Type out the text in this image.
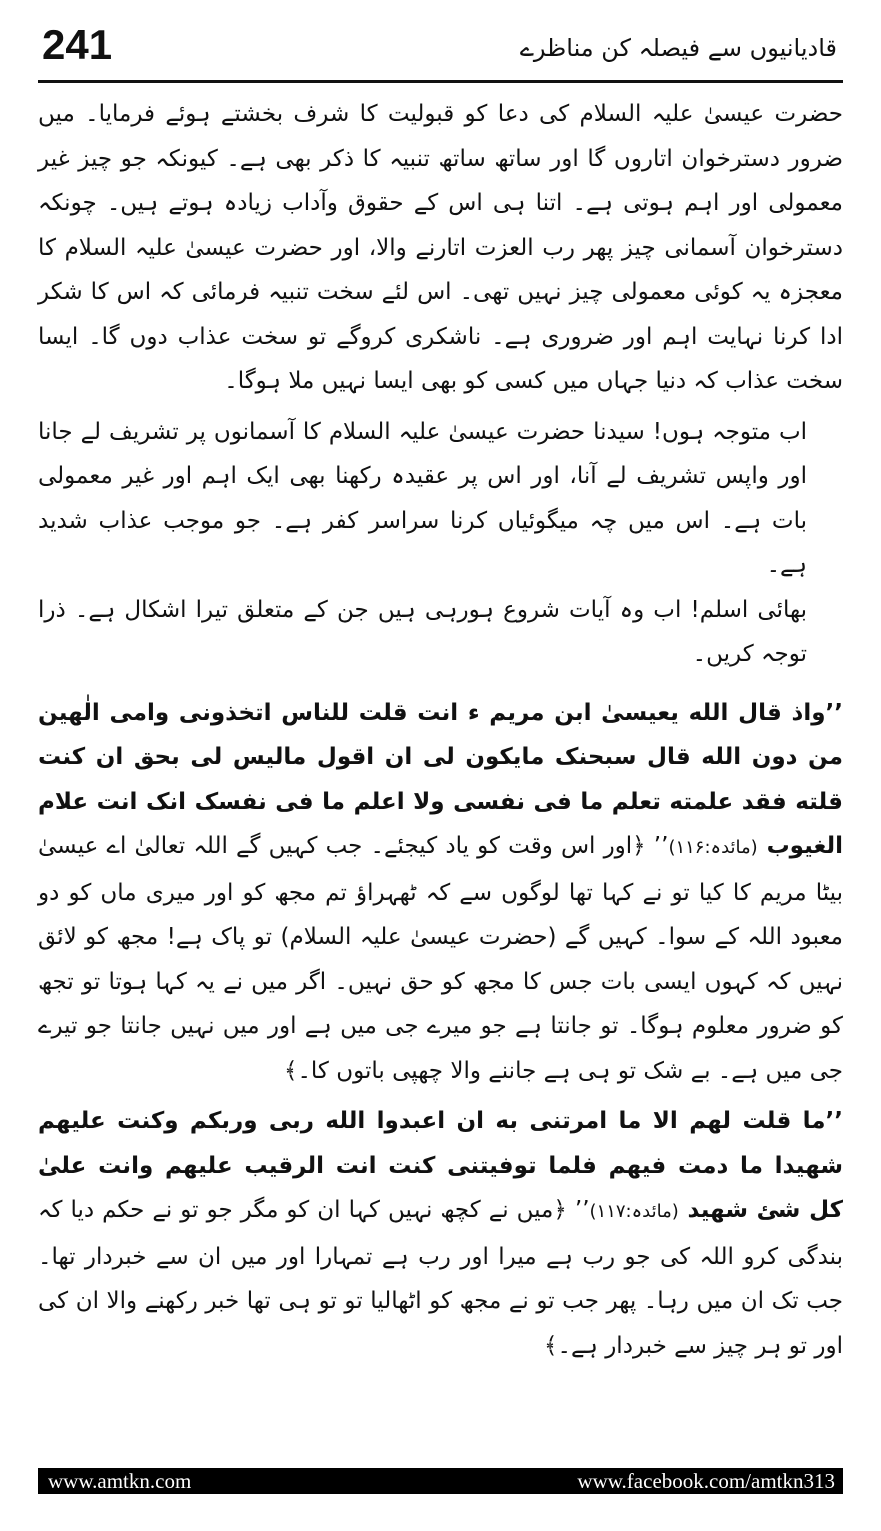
241	قادیانیوں سے فیصلہ کن مناظرے

حضرت عیسیٰ علیہ السلام کی دعا کو قبولیت کا شرف بخشتے ہوئے فرمایا۔ میں ضرور دسترخوان اتاروں گا اور ساتھ ساتھ تنبیہ کا ذکر بھی ہے۔ کیونکہ جو چیز غیر معمولی اور اہم ہوتی ہے۔ اتنا ہی اس کے حقوق وآداب زیادہ ہوتے ہیں۔ چونکہ دسترخوان آسمانی چیز پھر رب العزت اتارنے والا، اور حضرت عیسیٰ علیہ السلام کا معجزہ یہ کوئی معمولی چیز نہیں تھی۔ اس لئے سخت تنبیہ فرمائی کہ اس کا شکر ادا کرنا نہایت اہم اور ضروری ہے۔ ناشکری کروگے تو سخت عذاب دوں گا۔ ایسا سخت عذاب کہ دنیا جہاں میں کسی کو بھی ایسا نہیں ملا ہوگا۔

اب متوجہ ہوں! سیدنا حضرت عیسیٰ علیہ السلام کا آسمانوں پر تشریف لے جانا اور واپس تشریف لے آنا، اور اس پر عقیدہ رکھنا بھی ایک اہم اور غیر معمولی بات ہے۔ اس میں چہ میگوئیاں کرنا سراسر کفر ہے۔ جو موجب عذاب شدید ہے۔

بھائی اسلم! اب وہ آیات شروع ہورہی ہیں جن کے متعلق تیرا اشکال ہے۔ ذرا توجہ کریں۔

’’واذ قال الله یعیسیٰ ابن مریم ء انت قلت للناس اتخذونی وامی الٰهین من دون الله قال سبحنک مایکون لی ان اقول مالیس لی بحق ان کنت قلته فقد علمته تعلم ما فی نفسی ولا اعلم ما فی نفسک انک انت علام الغیوب (مائدہ:۱۱۶)’’ ﴿اور اس وقت کو یاد کیجئے۔ جب کہیں گے اللہ تعالیٰ اے عیسیٰ بیٹا مریم کا کیا تو نے کہا تھا لوگوں سے کہ ٹھہراؤ تم مجھ کو اور میری ماں کو دو معبود اللہ کے سوا۔ کہیں گے (حضرت عیسیٰ علیہ السلام) تو پاک ہے! مجھ کو لائق نہیں کہ کہوں ایسی بات جس کا مجھ کو حق نہیں۔ اگر میں نے یہ کہا ہوتا تو تجھ کو ضرور معلوم ہوگا۔ تو جانتا ہے جو میرے جی میں ہے اور میں نہیں جانتا جو تیرے جی میں ہے۔ بے شک تو ہی ہے جاننے والا چھپی باتوں کا۔﴾

’’ما قلت لهم الا ما امرتنی به ان اعبدوا الله ربی وربکم وکنت علیهم شهیدا ما دمت فیهم فلما توفیتنی کنت انت الرقیب علیهم وانت علیٰ کل شئ شهید (مائدہ:۱۱۷)’’ ﴿میں نے کچھ نہیں کہا ان کو مگر جو تو نے حکم دیا کہ بندگی کرو اللہ کی جو رب ہے میرا اور رب ہے تمہارا اور میں ان سے خبردار تھا۔ جب تک ان میں رہا۔ پھر جب تو نے مجھ کو اٹھالیا تو تو ہی تھا خبر رکھنے والا ان کی اور تو ہر چیز سے خبردار ہے۔﴾

www.amtkn.com	www.facebook.com/amtkn313
